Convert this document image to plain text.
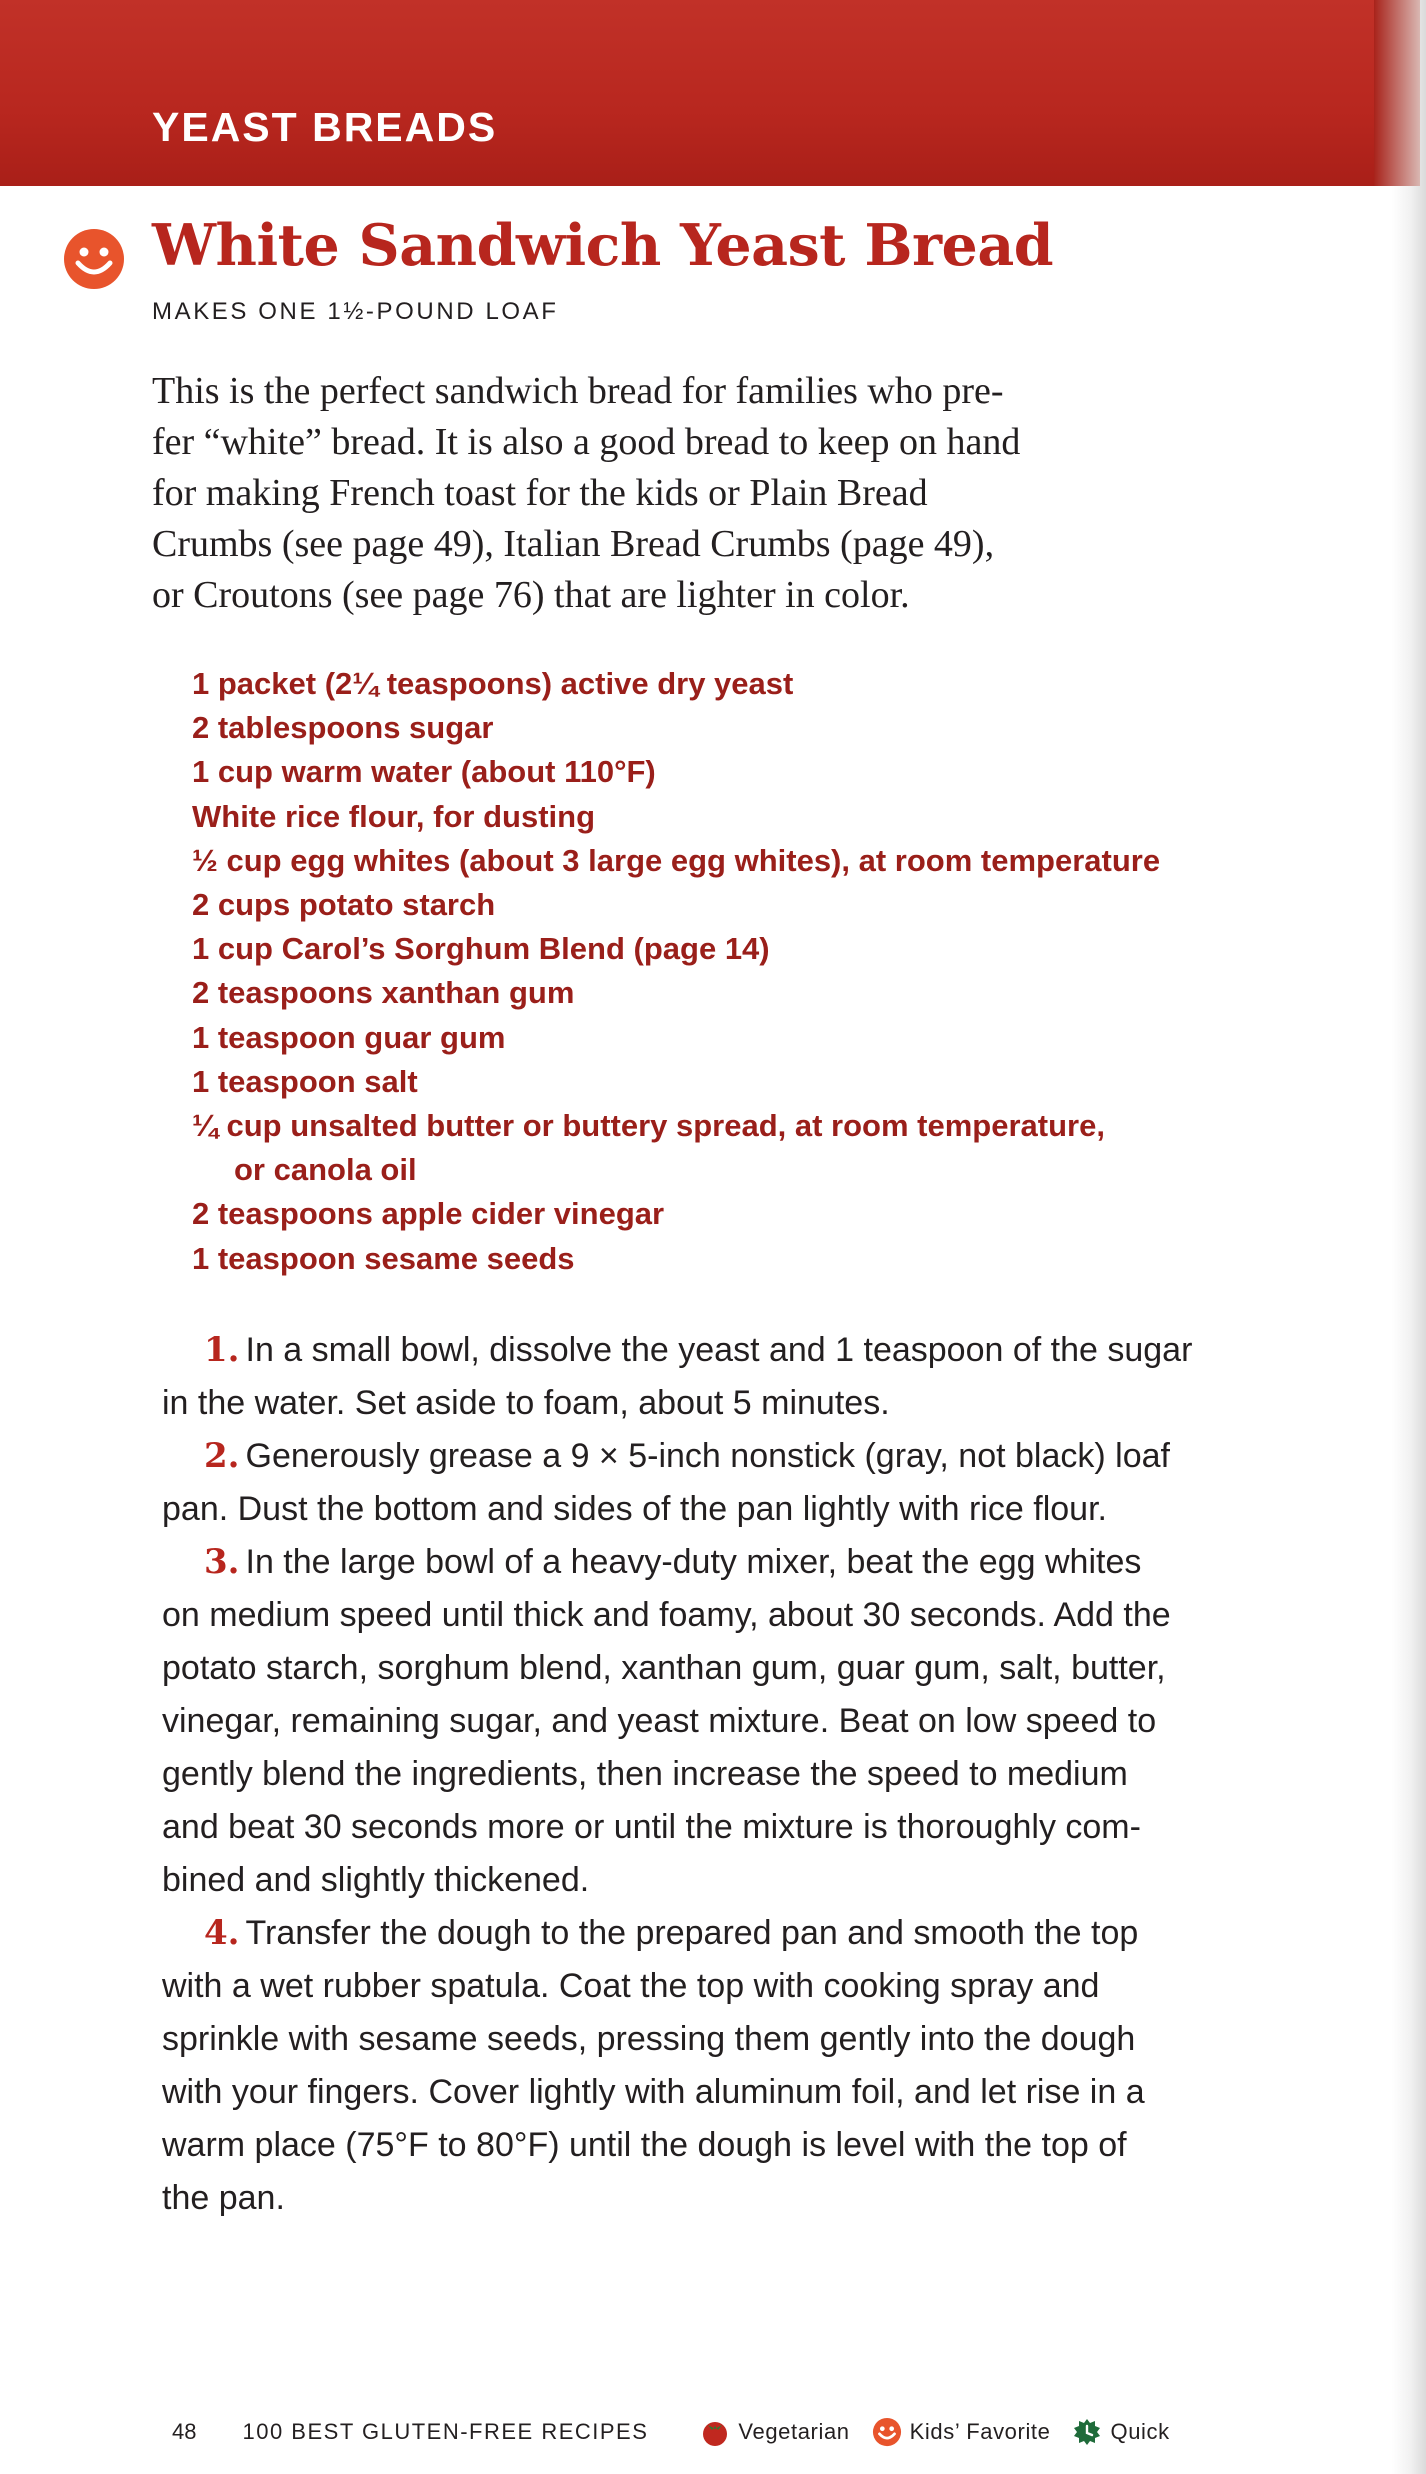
YEAST BREADS
White Sandwich Yeast Bread
MAKES ONE 1½-POUND LOAF

This is the perfect sandwich bread for families who pre-
fer “white” bread. It is also a good bread to keep on hand
for making French toast for the kids or Plain Bread
Crumbs (see page 49), Italian Bread Crumbs (page 49),
or Croutons (see page 76) that are lighter in color.

1 packet (2¼ teaspoons) active dry yeast
2 tablespoons sugar
1 cup warm water (about 110°F)
White rice flour, for dusting
½ cup egg whites (about 3 large egg whites), at room temperature
2 cups potato starch
1 cup Carol’s Sorghum Blend (page 14)
2 teaspoons xanthan gum
1 teaspoon guar gum
1 teaspoon salt
¼ cup unsalted butter or buttery spread, at room temperature,
or canola oil
2 teaspoons apple cider vinegar
1 teaspoon sesame seeds
1. In a small bowl, dissolve the yeast and 1 teaspoon of the sugar
in the water. Set aside to foam, about 5 minutes.
2. Generously grease a 9 × 5-inch nonstick (gray, not black) loaf
pan. Dust the bottom and sides of the pan lightly with rice flour.
3. In the large bowl of a heavy-duty mixer, beat the egg whites
on medium speed until thick and foamy, about 30 seconds. Add the
potato starch, sorghum blend, xanthan gum, guar gum, salt, butter,
vinegar, remaining sugar, and yeast mixture. Beat on low speed to
gently blend the ingredients, then increase the speed to medium
and beat 30 seconds more or until the mixture is thoroughly com-
bined and slightly thickened.
4. Transfer the dough to the prepared pan and smooth the top
with a wet rubber spatula. Coat the top with cooking spray and
sprinkle with sesame seeds, pressing them gently into the dough
with your fingers. Cover lightly with aluminum foil, and let rise in a
warm place (75°F to 80°F) until the dough is level with the top of
the pan.
48 100 BEST GLUTEN-FREE RECIPES	Vegetarian	Kids’ Favorite	Quick
